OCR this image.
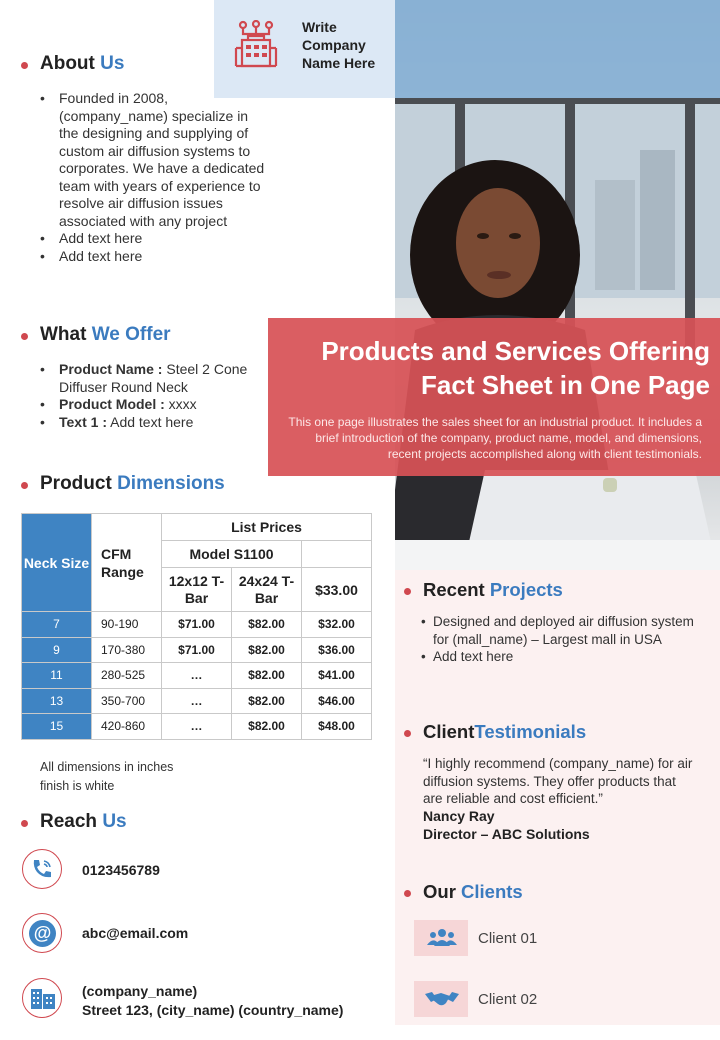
Write
Company
Name Here
Products and Services Offering
Fact Sheet in One Page
This one page illustrates the sales sheet for an industrial product. It includes a brief introduction of the company, product name, model, and dimensions, recent projects accomplished along with client testimonials.
About Us
• Founded in 2008, (company_name) specialize in the designing and supplying of custom air diffusion systems to corporates. We have a dedicated team with years of experience to resolve air diffusion issues associated with any project
• Add text here
• Add text here
What We Offer
• Product Name : Steel 2 Cone Diffuser Round Neck
• Product Model : xxxx
• Text 1 : Add text here
Product Dimensions
Neck Size	CFM Range	List Prices		
		Model S1100		
		12x12 T-Bar	24x24 T-Bar	$33.00
7	90-190	$71.00	$82.00	$32.00
9	170-380	$71.00	$82.00	$36.00
11	280-525	…	$82.00	$41.00
13	350-700	…	$82.00	$46.00
15	420-860	…	$82.00	$48.00
All dimensions in inches
finish is white
Reach Us
0123456789
@	abc@email.com
(company_name)
Street 123, (city_name) (country_name)
Recent Projects
• Designed and deployed air diffusion system for (mall_name) – Largest mall in USA
• Add text here
ClientTestimonials
“I highly recommend (company_name) for air diffusion systems. They offer products that are reliable and cost efficient.”
Nancy Ray
Director – ABC Solutions
Our Clients
Client 01
Client 02
